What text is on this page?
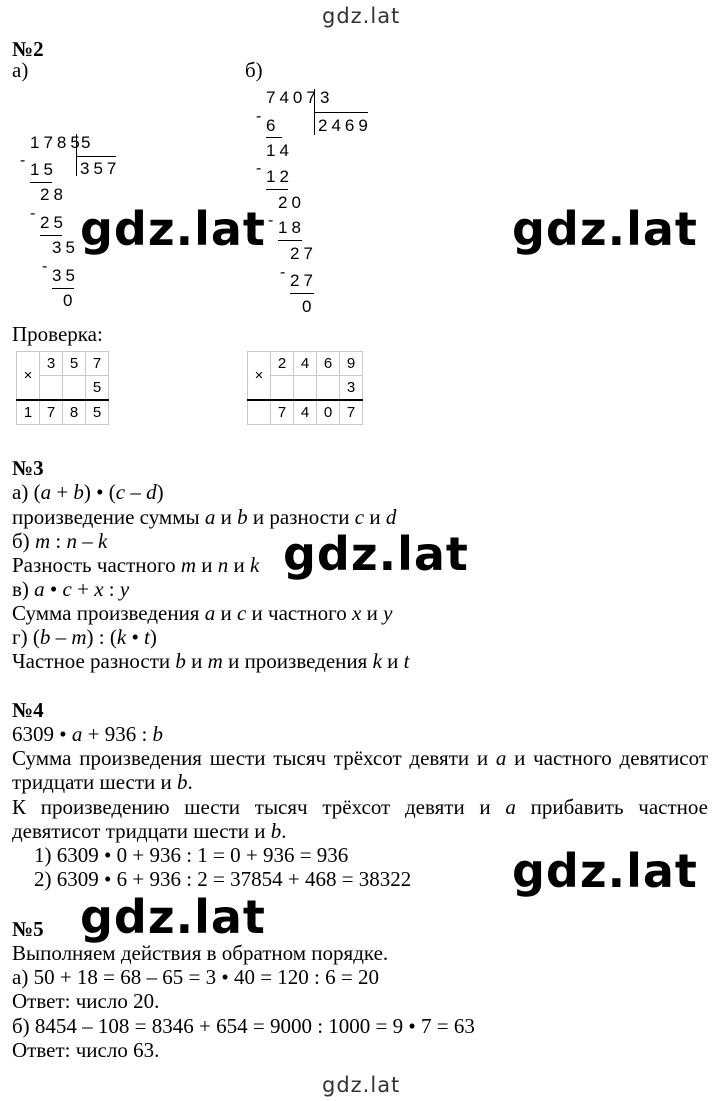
gdz.lat
gdz.lat
№2
а)	б)
1785
5
357
- 15
28
- 25
35
- 35
0
7407 3
2469
- 6
14
- 12
20
- 18
27
- 27
0
Проверка:
×	3	5	7
			5
1	7	8	5
×	2	4	6	9
				3
	7	4	0	7
№3
а) (a + b) • (c – d)
произведение суммы a и b и разности c и d
б) m : n – k
Разность частного m и n и k
в) a • c + x : y
Сумма произведения a и c и частного x и y
г) (b – m) : (k • t)
Частное разности b и m и произведения k и t
№4
6309 • a + 936 : b
Сумма произведения шести тысяч трёхсот девяти и a и частного девятисот
тридцати шести и b.
К произведению шести тысяч трёхсот девяти и a прибавить частное
девятисот тридцати шести и b.
1) 6309 • 0 + 936 : 1 = 0 + 936 = 936
2) 6309 • 6 + 936 : 2 = 37854 + 468 = 38322
№5
Выполняем действия в обратном порядке.
а) 50 + 18 = 68 – 65 = 3 • 40 = 120 : 6 = 20
Ответ: число 20.
б) 8454 – 108 = 8346 + 654 = 9000 : 1000 = 9 • 7 = 63
Ответ: число 63.
gdz.lat	gdz.lat
gdz.lat
gdz.lat
gdz.lat
